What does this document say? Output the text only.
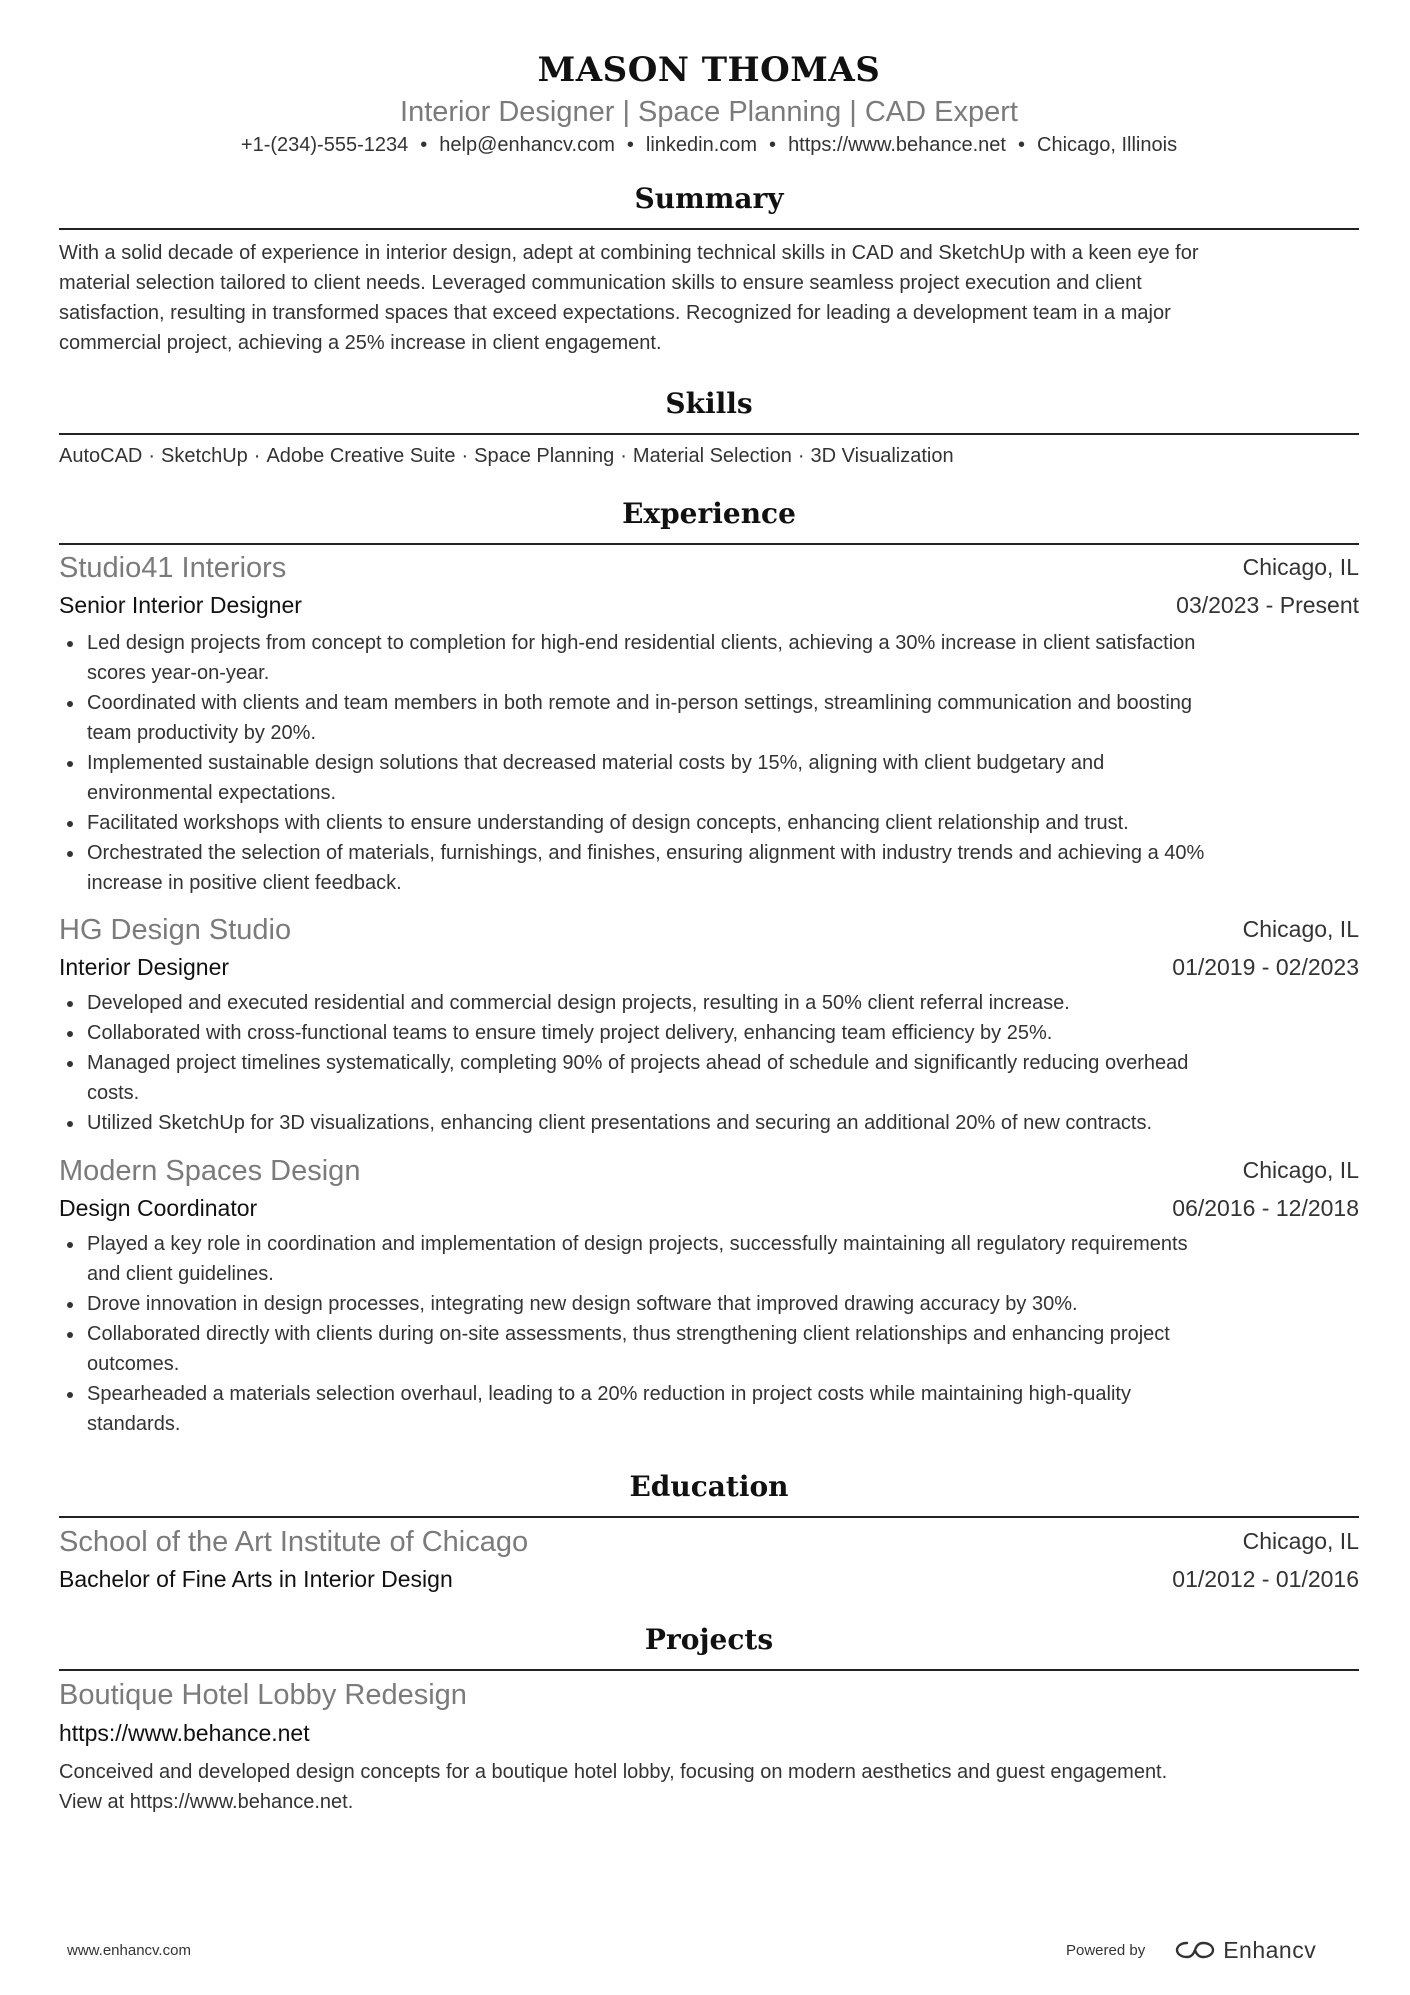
MASON THOMAS
Interior Designer | Space Planning | CAD Expert
+1-(234)-555-1234 • help@enhancv.com • linkedin.com • https://www.behance.net • Chicago, Illinois
Summary
With a solid decade of experience in interior design, adept at combining technical skills in CAD and SketchUp with a keen eye for
material selection tailored to client needs. Leveraged communication skills to ensure seamless project execution and client
satisfaction, resulting in transformed spaces that exceed expectations. Recognized for leading a development team in a major
commercial project, achieving a 25% increase in client engagement.
Skills
AutoCAD · SketchUp · Adobe Creative Suite · Space Planning · Material Selection · 3D Visualization
Experience
Studio41 Interiors	Chicago, IL
Senior Interior Designer	03/2023 - Present
Led design projects from concept to completion for high-end residential clients, achieving a 30% increase in client satisfaction
scores year-on-year.
Coordinated with clients and team members in both remote and in-person settings, streamlining communication and boosting
team productivity by 20%.
Implemented sustainable design solutions that decreased material costs by 15%, aligning with client budgetary and
environmental expectations.
Facilitated workshops with clients to ensure understanding of design concepts, enhancing client relationship and trust.
Orchestrated the selection of materials, furnishings, and finishes, ensuring alignment with industry trends and achieving a 40%
increase in positive client feedback.
HG Design Studio	Chicago, IL
Interior Designer	01/2019 - 02/2023
Developed and executed residential and commercial design projects, resulting in a 50% client referral increase.
Collaborated with cross-functional teams to ensure timely project delivery, enhancing team efficiency by 25%.
Managed project timelines systematically, completing 90% of projects ahead of schedule and significantly reducing overhead
costs.
Utilized SketchUp for 3D visualizations, enhancing client presentations and securing an additional 20% of new contracts.
Modern Spaces Design	Chicago, IL
Design Coordinator	06/2016 - 12/2018
Played a key role in coordination and implementation of design projects, successfully maintaining all regulatory requirements
and client guidelines.
Drove innovation in design processes, integrating new design software that improved drawing accuracy by 30%.
Collaborated directly with clients during on-site assessments, thus strengthening client relationships and enhancing project
outcomes.
Spearheaded a materials selection overhaul, leading to a 20% reduction in project costs while maintaining high-quality
standards.
Education
School of the Art Institute of Chicago	Chicago, IL
Bachelor of Fine Arts in Interior Design	01/2012 - 01/2016
Projects
Boutique Hotel Lobby Redesign
https://www.behance.net
Conceived and developed design concepts for a boutique hotel lobby, focusing on modern aesthetics and guest engagement.
View at https://www.behance.net.
www.enhancv.com	Powered by	Enhancv
